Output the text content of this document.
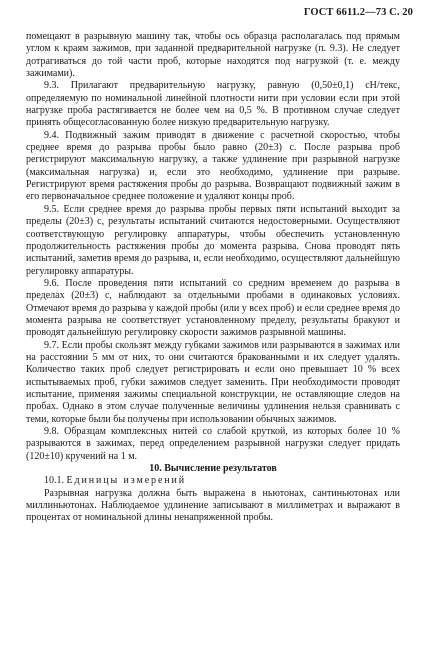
ГОСТ 6611.2—73 С. 20

помещают в разрывную машину так, чтобы ось образца располагалась под прямым углом к краям зажимов, при заданной предварительной нагрузке (п. 9.3). Не следует дотрагиваться до той части проб, которые находятся под нагрузкой (т. е. между зажимами).

9.3. Прилагают предварительную нагрузку, равную (0,50±0,1) сН/текс, определяемую по номинальной линейной плотности нити при условии если при этой нагрузке проба растягивается не более чем на 0,5 %. В противном случае следует принять общесогласованную более низкую предварительную нагрузку.

9.4. Подвижный зажим приводят в движение с расчетной скоростью, чтобы среднее время до разрыва пробы было равно (20±3) с. После разрыва проб регистрируют максимальную нагрузку, а также удлинение при разрывной нагрузке (максимальная нагрузка) и, если это необходимо, удлинение при разрыве. Регистрируют время растяжения пробы до разрыва. Возвращают подвижный зажим в его первоначальное среднее положение и удаляют концы проб.

9.5. Если среднее время до разрыва пробы первых пяти испытаний выходит за пределы (20±3) с, результаты испытаний считаются недостоверными. Осуществляют соответствующую регулировку аппаратуры, чтобы обеспечить установленную продолжительность растяжения пробы до момента разрыва. Снова проводят пять испытаний, заметив время до разрыва, и, если необходимо, осуществляют дальнейшую регулировку аппаратуры.

9.6. После проведения пяти испытаний со средним временем до разрыва в пределах (20±3) с, наблюдают за отдельными пробами в одинаковых условиях. Отмечают время до разрыва у каждой пробы (или у всех проб) и если среднее время до момента разрыва не соответствует установленному пределу, результаты бракуют и проводят дальнейшую регулировку скорости зажимов разрывной машины.

9.7. Если пробы скользят между губками зажимов или разрываются в зажимах или на расстоянии 5 мм от них, то они считаются бракованными и их следует удалять. Количество таких проб следует регистрировать и если оно превышает 10 % всех испытываемых проб, губки зажимов следует заменить. При необходимости проводят испытание, применяя зажимы специальной конструкции, не оставляющие следов на пробах. Однако в этом случае полученные величины удлинения нельзя сравнивать с теми, которые были бы получены при использовании обычных зажимов.

9.8. Образцам комплексных нитей со слабой круткой, из которых более 10 % разрываются в зажимах, перед определением разрывной нагрузки следует придать (120±10) кручений на 1 м.

10. Вычисление результатов

10.1. Единицы измерений

Разрывная нагрузка должна быть выражена в ньютонах, сантиньютонах или миллиньютонах. Наблюдаемое удлинение записывают в миллиметрах и выражают в процентах от номинальной длины ненапряженной пробы.
